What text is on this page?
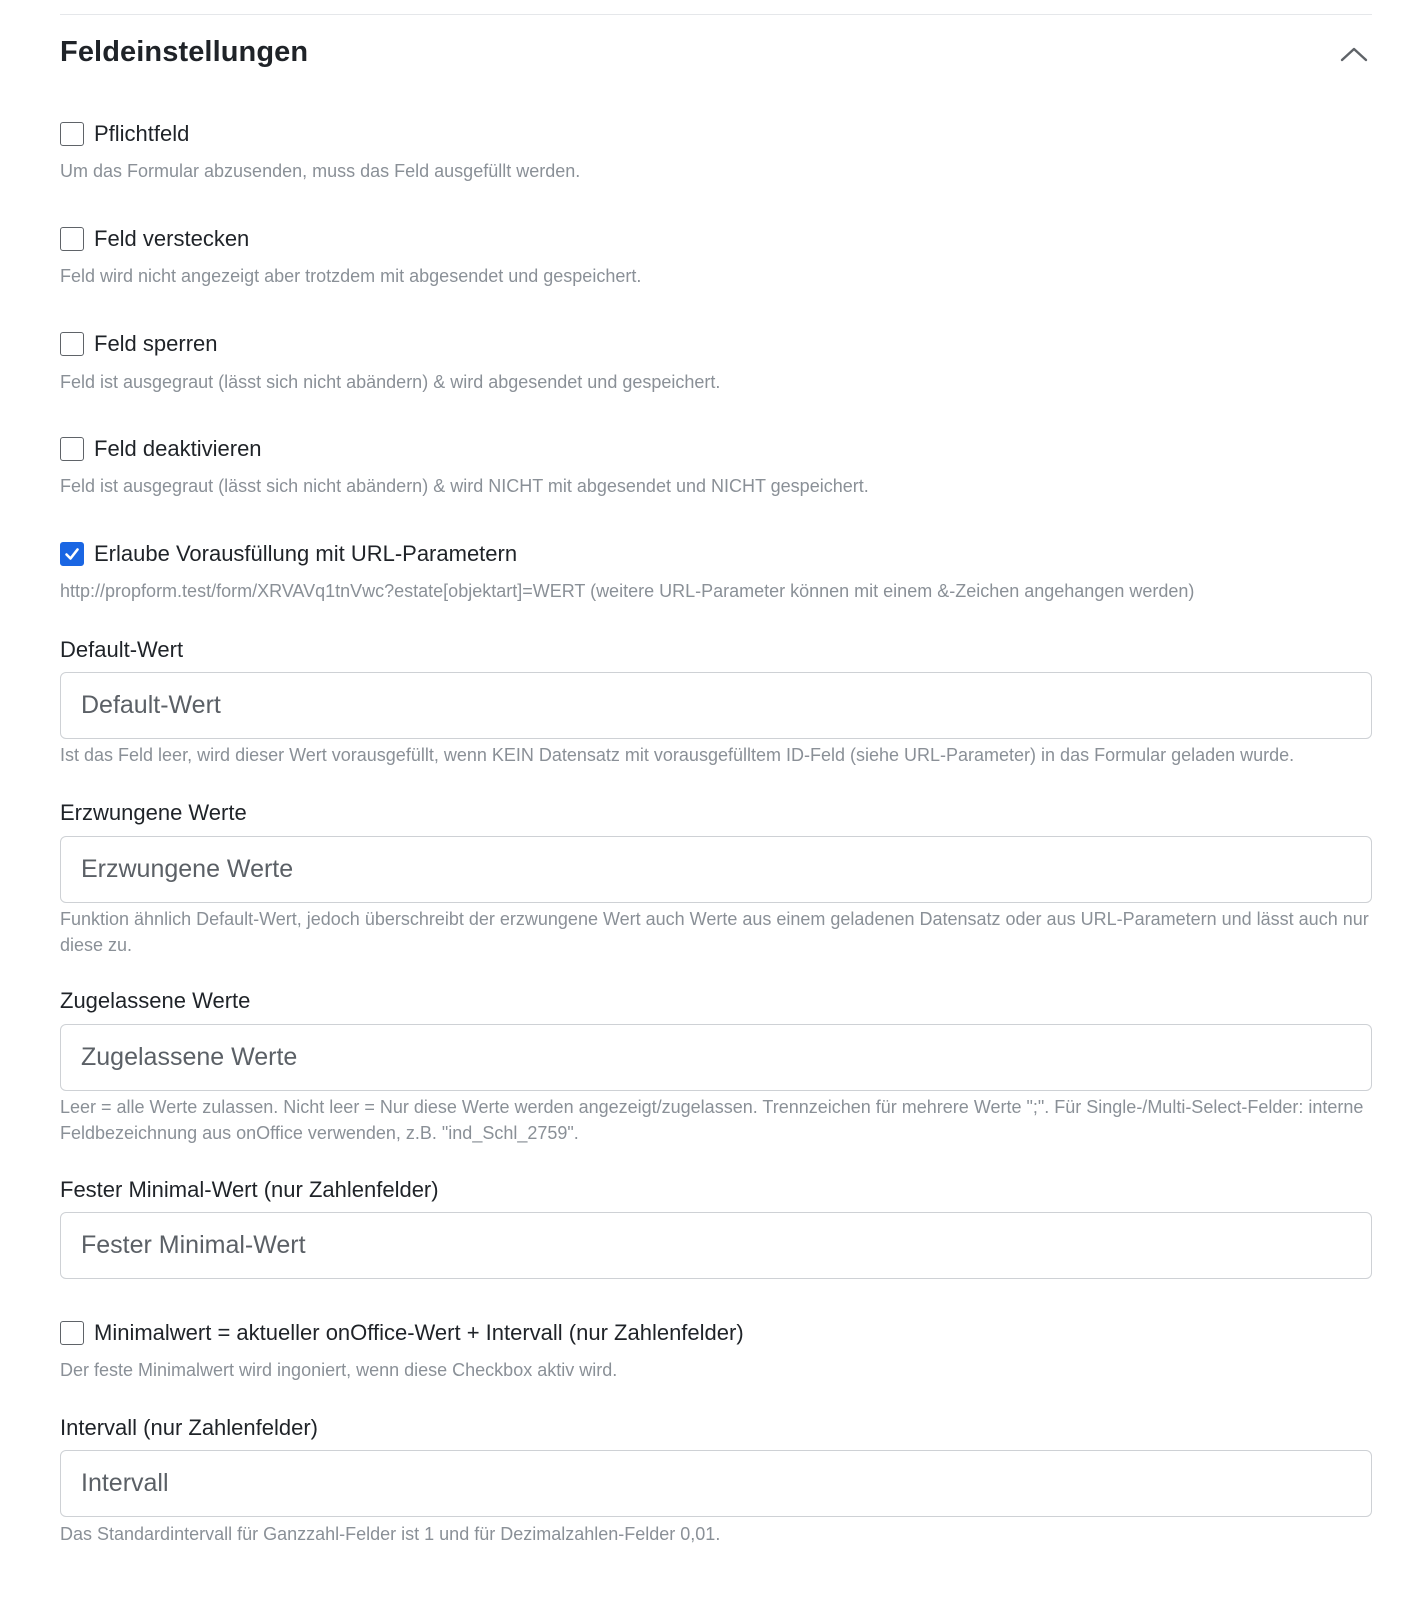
Feldeinstellungen
Pflichtfeld

Um das Formular abzusenden, muss das Feld ausgefüllt werden.

Feld verstecken

Feld wird nicht angezeigt aber trotzdem mit abgesendet und gespeichert.

Feld sperren

Feld ist ausgegraut (lässt sich nicht abändern) & wird abgesendet und gespeichert.

Feld deaktivieren

Feld ist ausgegraut (lässt sich nicht abändern) & wird NICHT mit abgesendet und NICHT gespeichert.

Erlaube Vorausfüllung mit URL-Parametern

http://propform.test/form/XRVAVq1tnVwc?estate[objektart]=WERT (weitere URL-Parameter können mit einem &-Zeichen angehangen werden)

Default-Wert

Default-Wert

Ist das Feld leer, wird dieser Wert vorausgefüllt, wenn KEIN Datensatz mit vorausgefülltem ID-Feld (siehe URL-Parameter) in das Formular geladen wurde.

Erzwungene Werte

Erzwungene Werte

Funktion ähnlich Default-Wert, jedoch überschreibt der erzwungene Wert auch Werte aus einem geladenen Datensatz oder aus URL-Parametern und lässt auch nur diese zu.

Zugelassene Werte

Zugelassene Werte

Leer = alle Werte zulassen. Nicht leer = Nur diese Werte werden angezeigt/zugelassen. Trennzeichen für mehrere Werte ";". Für Single-/Multi-Select-Felder: interne Feldbezeichnung aus onOffice verwenden, z.B. "ind_Schl_2759".

Fester Minimal-Wert (nur Zahlenfelder)

Fester Minimal-Wert
Minimalwert = aktueller onOffice-Wert + Intervall (nur Zahlenfelder)

Der feste Minimalwert wird ingoniert, wenn diese Checkbox aktiv wird.

Intervall (nur Zahlenfelder)

Intervall

Das Standardintervall für Ganzzahl-Felder ist 1 und für Dezimalzahlen-Felder 0,01.
